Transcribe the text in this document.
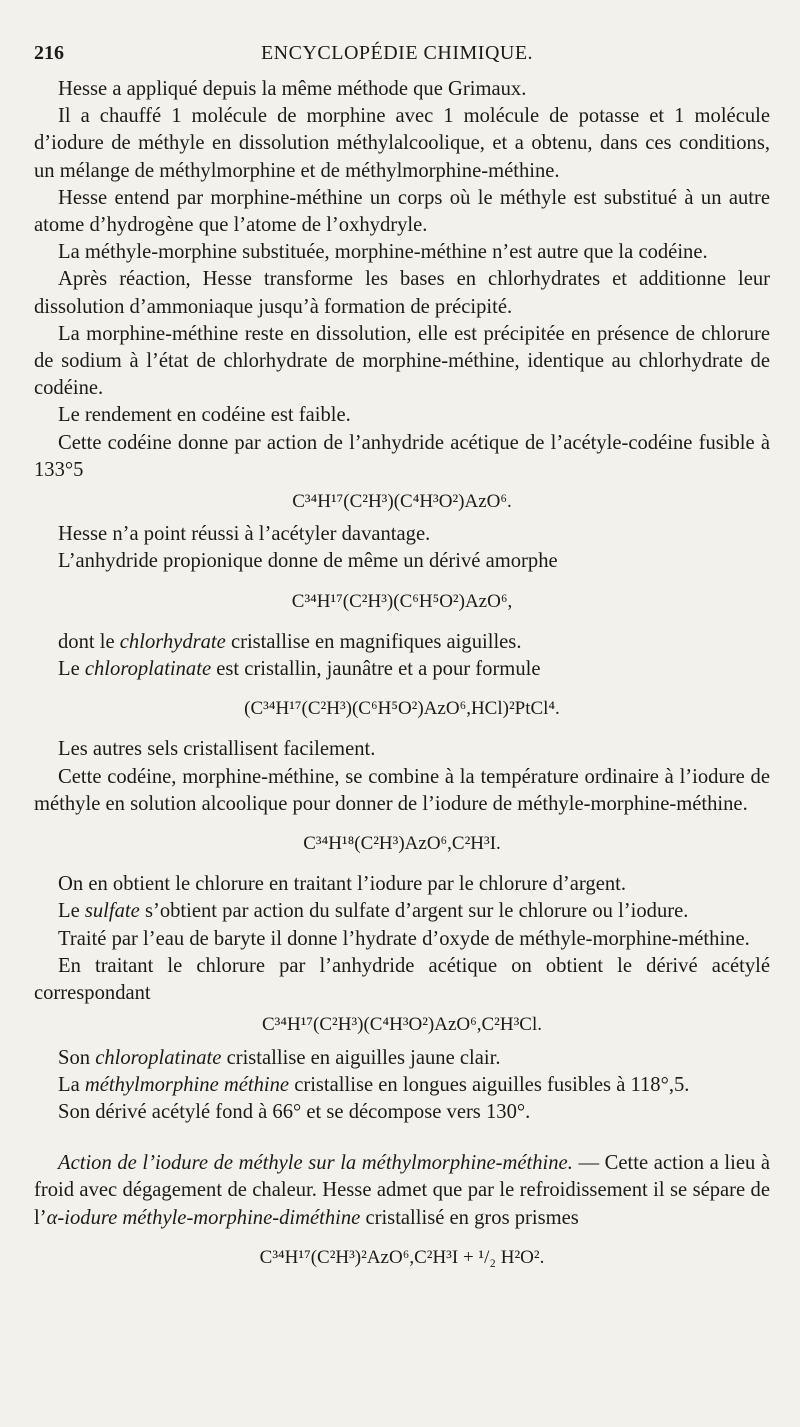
216	ENCYCLOPÉDIE CHIMIQUE.

Hesse a appliqué depuis la même méthode que Grimaux.

Il a chauffé 1 molécule de morphine avec 1 molécule de potasse et 1 molécule d’iodure de méthyle en dissolution méthylalcoolique, et a obtenu, dans ces conditions, un mélange de méthylmorphine et de méthylmorphine-méthine.

Hesse entend par morphine-méthine un corps où le méthyle est substitué à un autre atome d’hydrogène que l’atome de l’oxhydryle.

La méthyle-morphine substituée, morphine-méthine n’est autre que la codéine.

Après réaction, Hesse transforme les bases en chlorhydrates et additionne leur dissolution d’ammoniaque jusqu’à formation de précipité.

La morphine-méthine reste en dissolution, elle est précipitée en présence de chlorure de sodium à l’état de chlorhydrate de morphine-méthine, identique au chlorhydrate de codéine.

Le rendement en codéine est faible.

Cette codéine donne par action de l’anhydride acétique de l’acétyle-codéine fusible à 133°5

C³⁴H¹⁷(C²H³)(C⁴H³O²)AzO⁶.

Hesse n’a point réussi à l’acétyler davantage.

L’anhydride propionique donne de même un dérivé amorphe

C³⁴H¹⁷(C²H³)(C⁶H⁵O²)AzO⁶,

dont le chlorhydrate cristallise en magnifiques aiguilles.

Le chloroplatinate est cristallin, jaunâtre et a pour formule

(C³⁴H¹⁷(C²H³)(C⁶H⁵O²)AzO⁶,HCl)²PtCl⁴.

Les autres sels cristallisent facilement.

Cette codéine, morphine-méthine, se combine à la température ordinaire à l’iodure de méthyle en solution alcoolique pour donner de l’iodure de méthyle-morphine-méthine.

C³⁴H¹⁸(C²H³)AzO⁶,C²H³I.

On en obtient le chlorure en traitant l’iodure par le chlorure d’argent.

Le sulfate s’obtient par action du sulfate d’argent sur le chlorure ou l’iodure.

Traité par l’eau de baryte il donne l’hydrate d’oxyde de méthyle-morphine-méthine.

En traitant le chlorure par l’anhydride acétique on obtient le dérivé acétylé correspondant

C³⁴H¹⁷(C²H³)(C⁴H³O²)AzO⁶,C²H³Cl.

Son chloroplatinate cristallise en aiguilles jaune clair.

La méthylmorphine méthine cristallise en longues aiguilles fusibles à 118°,5.

Son dérivé acétylé fond à 66° et se décompose vers 130°.

Action de l’iodure de méthyle sur la méthylmorphine-méthine. — Cette action a lieu à froid avec dégagement de chaleur. Hesse admet que par le refroidissement il se sépare de l’α-iodure méthyle-morphine-diméthine cristallisé en gros prismes

C³⁴H¹⁷(C²H³)²AzO⁶,C²H³I + ¹/₂ H²O².
